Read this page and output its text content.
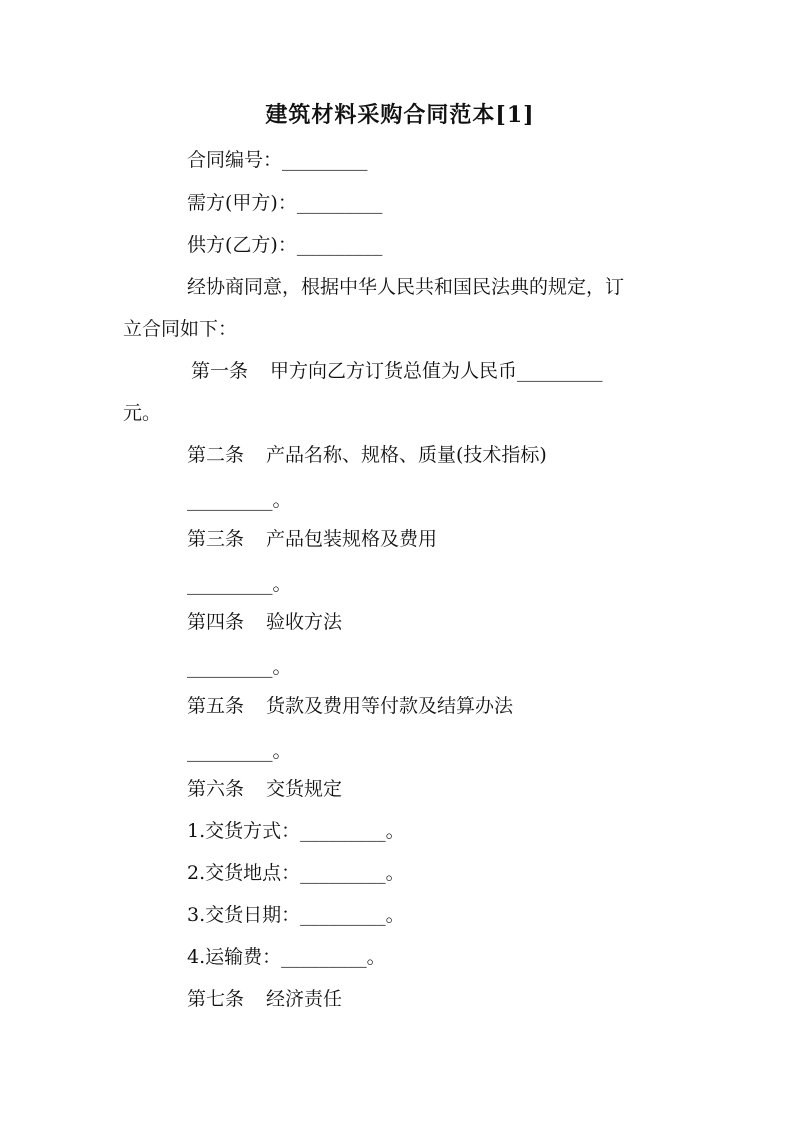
建筑材料采购合同范本[1]
合同编号：_________
需方(甲方)：_________
供方(乙方)：_________
经协商同意，根据中华人民共和国民法典的规定，订
立合同如下：
第一条 甲方向乙方订货总值为人民币_________
元。
第二条 产品名称、规格、质量(技术指标)
_________。
第三条 产品包装规格及费用
_________。
第四条 验收方法
_________。
第五条 货款及费用等付款及结算办法
_________。
第六条 交货规定
1.交货方式：_________。
2.交货地点：_________。
3.交货日期：_________。
4.运输费：_________。
第七条 经济责任
